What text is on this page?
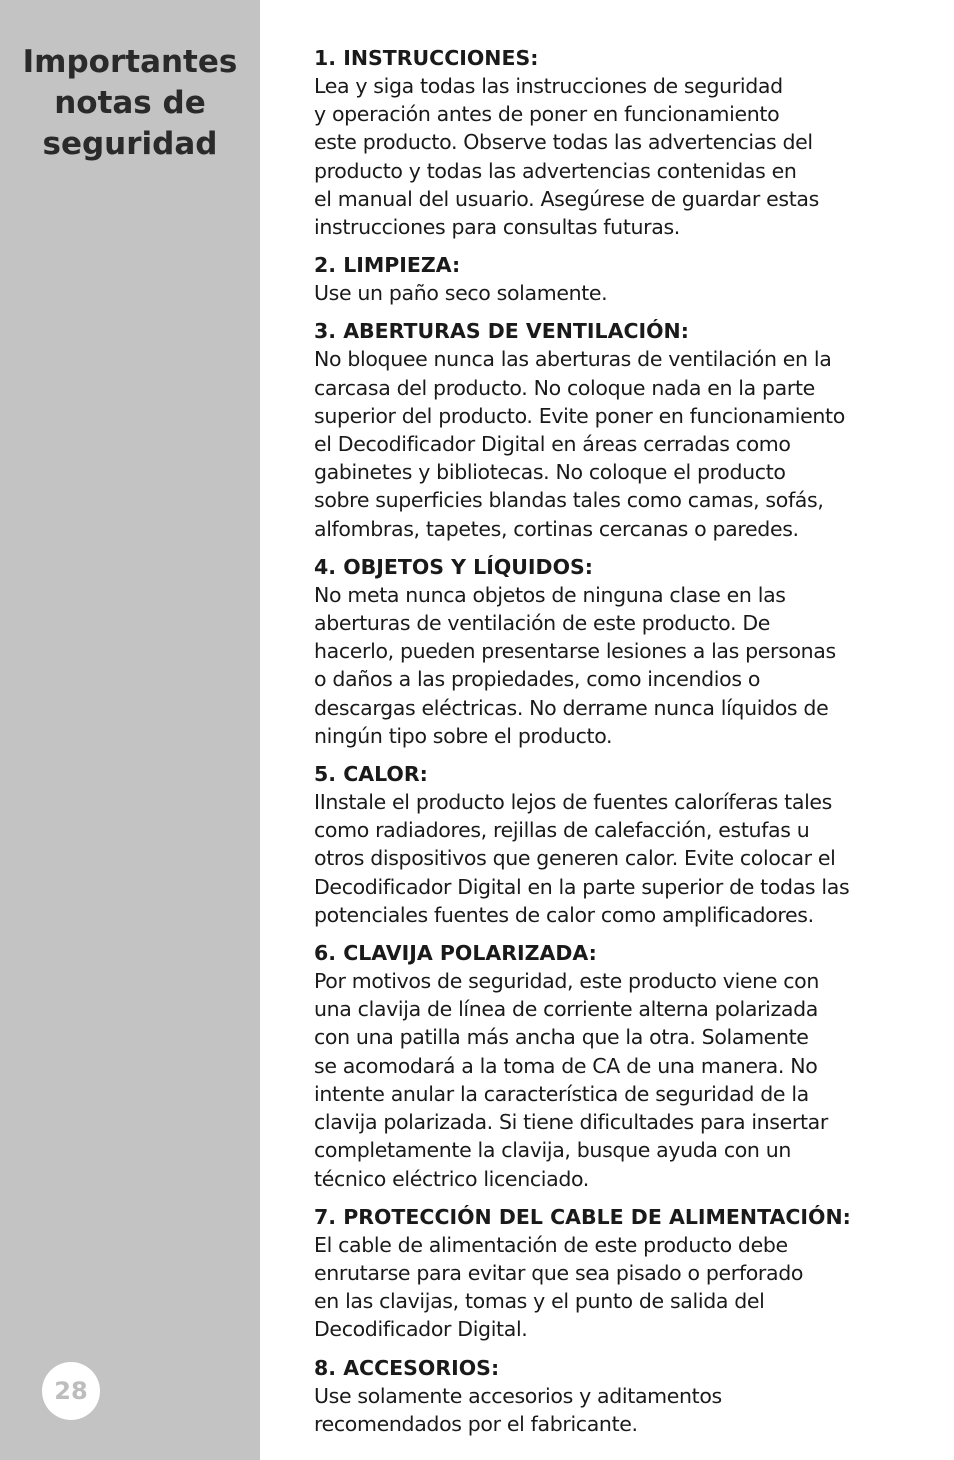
Importantes
notas de
seguridad
28
1. INSTRUCCIONES:
Lea y siga todas las instrucciones de seguridad
y operación antes de poner en funcionamiento
este producto. Observe todas las advertencias del
producto y todas las advertencias contenidas en
el manual del usuario. Asegúrese de guardar estas
instrucciones para consultas futuras.
2. LIMPIEZA:
Use un paño seco solamente.
3. ABERTURAS DE VENTILACIÓN:
No bloquee nunca las aberturas de ventilación en la
carcasa del producto. No coloque nada en la parte
superior del producto. Evite poner en funcionamiento
el Decodificador Digital en áreas cerradas como
gabinetes y bibliotecas. No coloque el producto
sobre superficies blandas tales como camas, sofás,
alfombras, tapetes, cortinas cercanas o paredes.
4. OBJETOS Y LÍQUIDOS:
No meta nunca objetos de ninguna clase en las
aberturas de ventilación de este producto. De
hacerlo, pueden presentarse lesiones a las personas
o daños a las propiedades, como incendios o
descargas eléctricas. No derrame nunca líquidos de
ningún tipo sobre el producto.
5. CALOR:
IInstale el producto lejos de fuentes caloríferas tales
como radiadores, rejillas de calefacción, estufas u
otros dispositivos que generen calor. Evite colocar el
Decodificador Digital en la parte superior de todas las
potenciales fuentes de calor como amplificadores.
6. CLAVIJA POLARIZADA:
Por motivos de seguridad, este producto viene con
una clavija de línea de corriente alterna polarizada
con una patilla más ancha que la otra. Solamente
se acomodará a la toma de CA de una manera. No
intente anular la característica de seguridad de la
clavija polarizada. Si tiene dificultades para insertar
completamente la clavija, busque ayuda con un
técnico eléctrico licenciado.
7. PROTECCIÓN DEL CABLE DE ALIMENTACIÓN:
El cable de alimentación de este producto debe
enrutarse para evitar que sea pisado o perforado
en las clavijas, tomas y el punto de salida del
Decodificador Digital.
8. ACCESORIOS:
Use solamente accesorios y aditamentos
recomendados por el fabricante.
